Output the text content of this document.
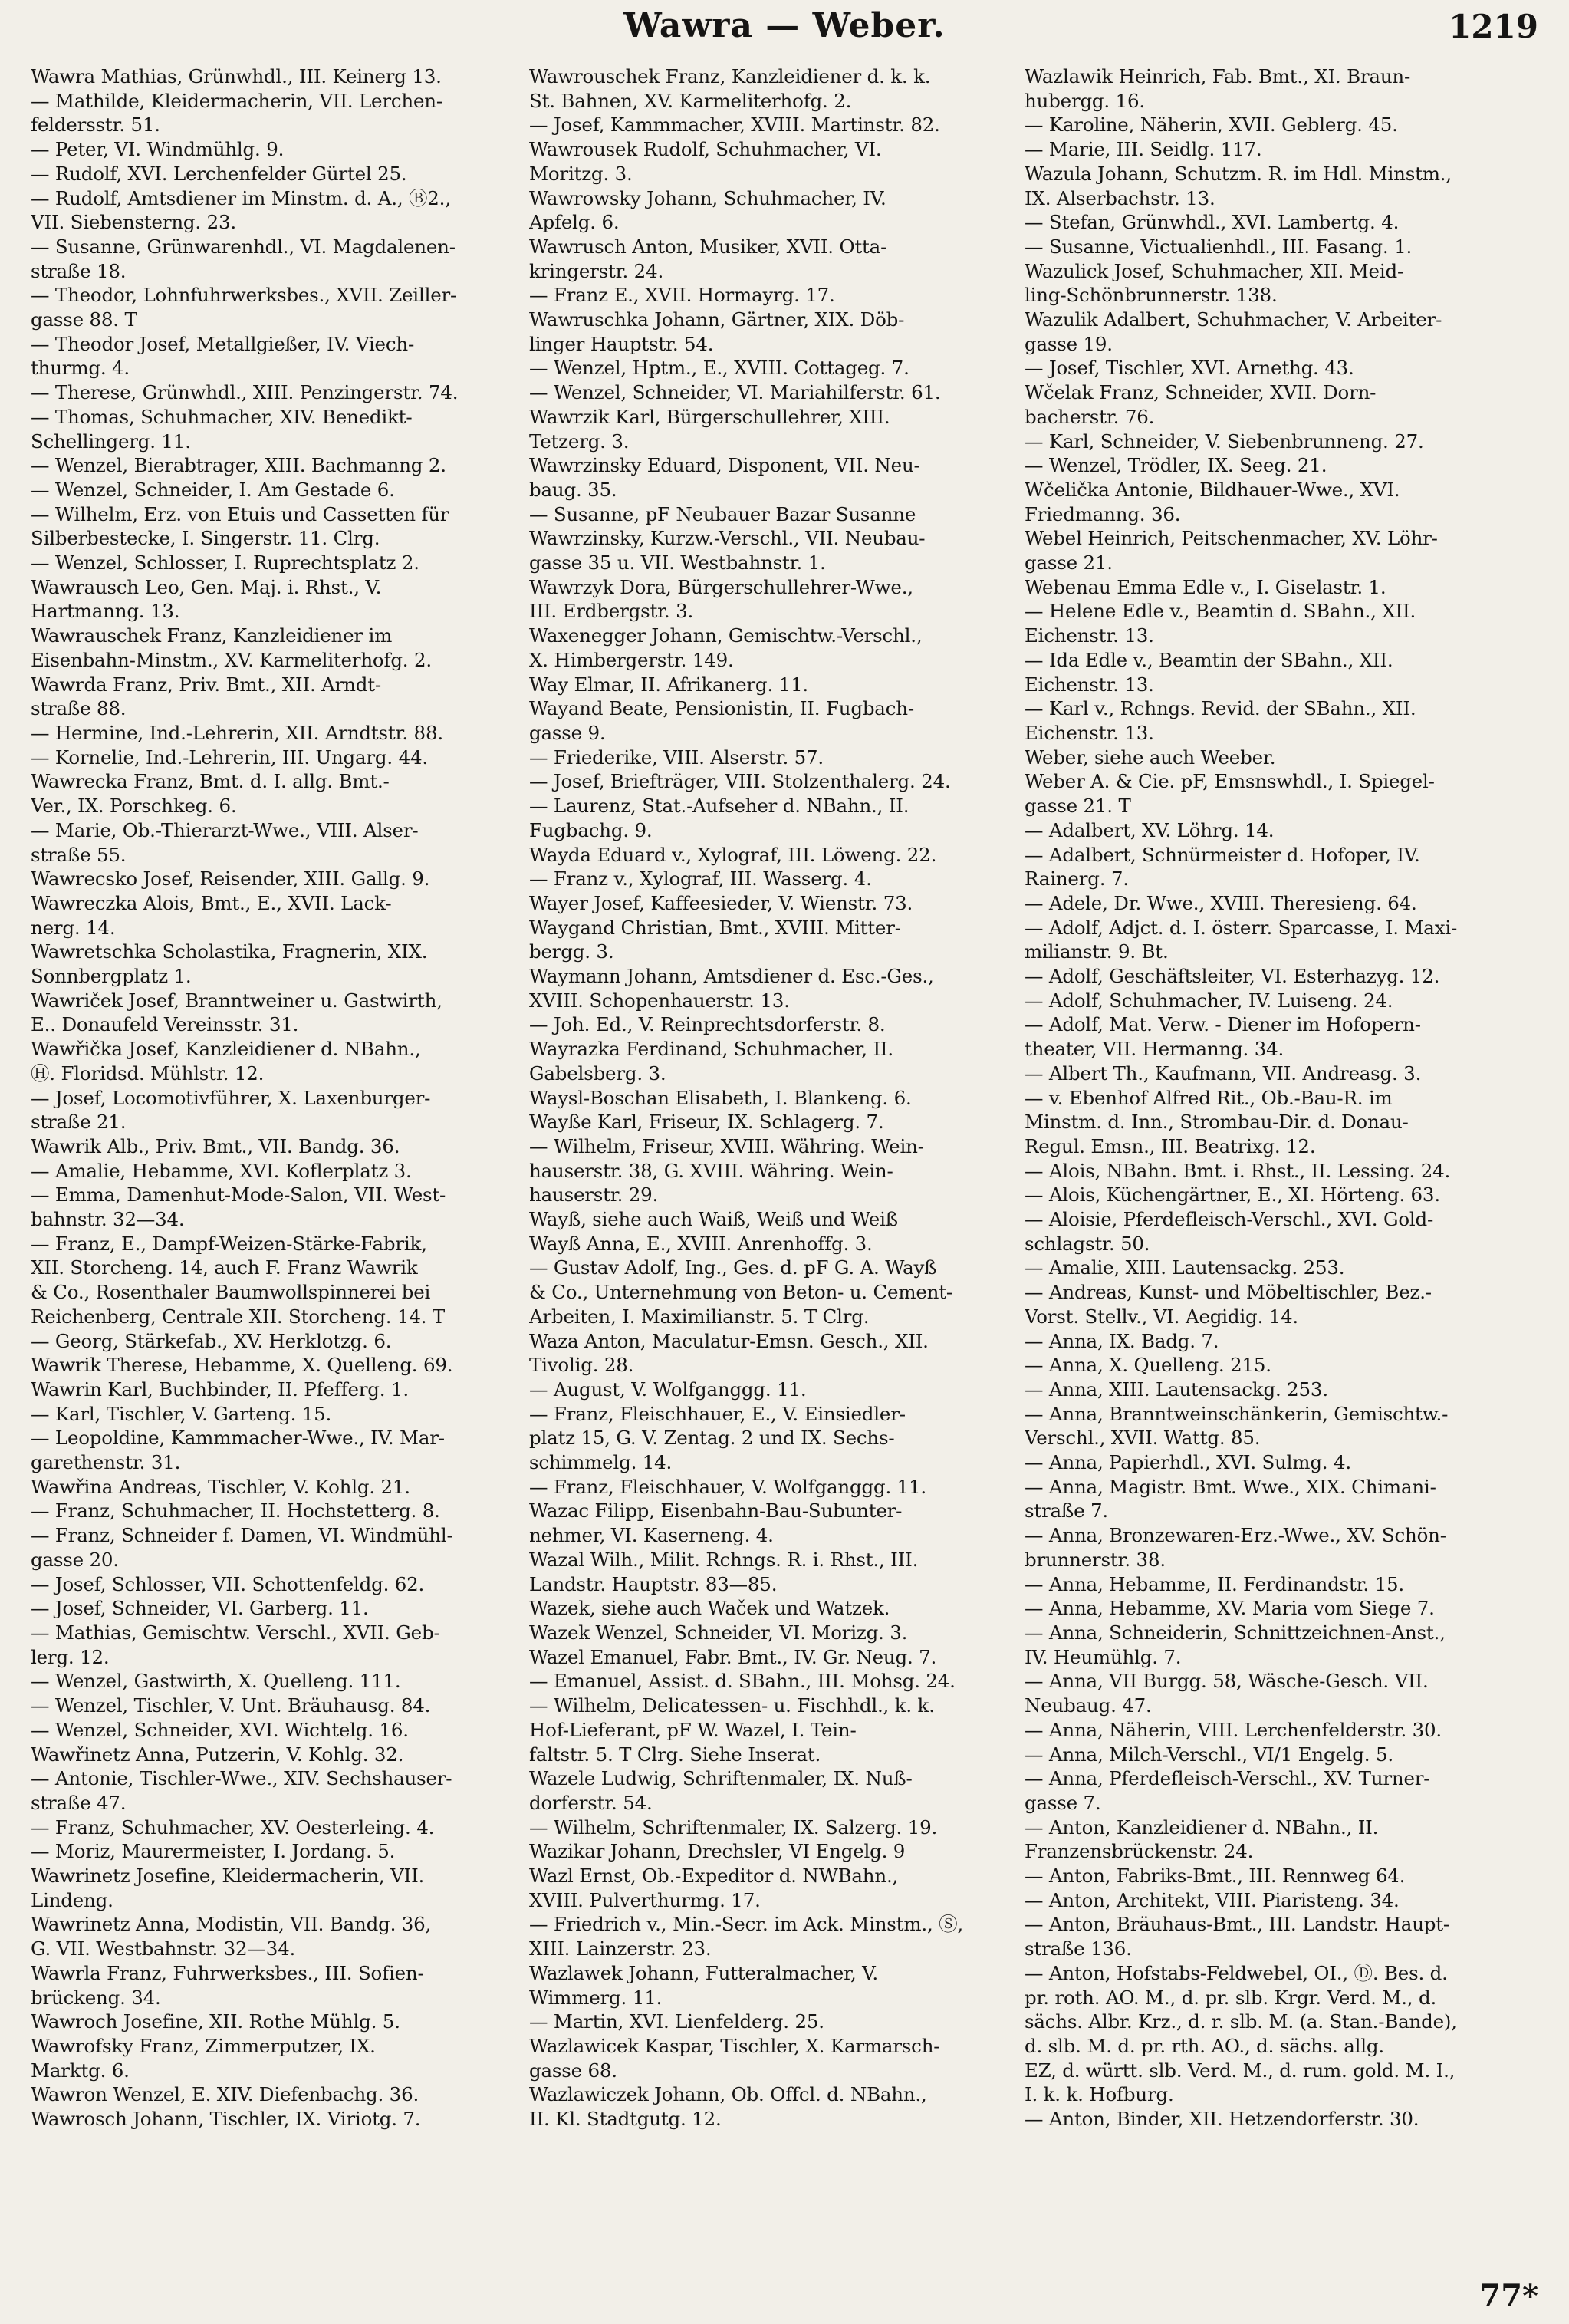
Wawra — Weber.	1219
Wawra Mathias, Grünwhdl., III. Keinerg 13.
— Mathilde, Kleidermacherin, VII. Lerchen-
feldersstr. 51.
— Peter, VI. Windmühlg. 9.
— Rudolf, XVI. Lerchenfelder Gürtel 25.
— Rudolf, Amtsdiener im Minstm. d. A., Ⓑ2.,
VII. Siebensterng. 23.
— Susanne, Grünwarenhdl., VI. Magdalenen-
straße 18.
— Theodor, Lohnfuhrwerksbes., XVII. Zeiller-
gasse 88. T
— Theodor Josef, Metallgießer, IV. Viech-
thurmg. 4.
— Therese, Grünwhdl., XIII. Penzingerstr. 74.
— Thomas, Schuhmacher, XIV. Benedikt-
Schellingerg. 11.
— Wenzel, Bierabtrager, XIII. Bachmanng 2.
— Wenzel, Schneider, I. Am Gestade 6.
— Wilhelm, Erz. von Etuis und Cassetten für
Silberbestecke, I. Singerstr. 11. Clrg.
— Wenzel, Schlosser, I. Ruprechtsplatz 2.
Wawrausch Leo, Gen. Maj. i. Rhst., V.
Hartmanng. 13.
Wawrauschek Franz, Kanzleidiener im
Eisenbahn-Minstm., XV. Karmeliterhofg. 2.
Wawrda Franz, Priv. Bmt., XII. Arndt-
straße 88.
— Hermine, Ind.-Lehrerin, XII. Arndtstr. 88.
— Kornelie, Ind.-Lehrerin, III. Ungarg. 44.
Wawrecka Franz, Bmt. d. I. allg. Bmt.-
Ver., IX. Porschkeg. 6.
— Marie, Ob.-Thierarzt-Wwe., VIII. Alser-
straße 55.
Wawrecsko Josef, Reisender, XIII. Gallg. 9.
Wawreczka Alois, Bmt., E., XVII. Lack-
nerg. 14.
Wawretschka Scholastika, Fragnerin, XIX.
Sonnbergplatz 1.
Wawriček Josef, Branntweiner u. Gastwirth,
E.. Donaufeld Vereinsstr. 31.
Wawřička Josef, Kanzleidiener d. NBahn.,
Ⓗ. Floridsd. Mühlstr. 12.
— Josef, Locomotivführer, X. Laxenburger-
straße 21.
Wawrik Alb., Priv. Bmt., VII. Bandg. 36.
— Amalie, Hebamme, XVI. Koflerplatz 3.
— Emma, Damenhut-Mode-Salon, VII. West-
bahnstr. 32—34.
— Franz, E., Dampf-Weizen-Stärke-Fabrik,
XII. Storcheng. 14, auch F. Franz Wawrik
& Co., Rosenthaler Baumwollspinnerei bei
Reichenberg, Centrale XII. Storcheng. 14. T
— Georg, Stärkefab., XV. Herklotzg. 6.
Wawrik Therese, Hebamme, X. Quelleng. 69.
Wawrin Karl, Buchbinder, II. Pfefferg. 1.
— Karl, Tischler, V. Garteng. 15.
— Leopoldine, Kammmacher-Wwe., IV. Mar-
garethenstr. 31.
Wawřina Andreas, Tischler, V. Kohlg. 21.
— Franz, Schuhmacher, II. Hochstetterg. 8.
— Franz, Schneider f. Damen, VI. Windmühl-
gasse 20.
— Josef, Schlosser, VII. Schottenfeldg. 62.
— Josef, Schneider, VI. Garberg. 11.
— Mathias, Gemischtw. Verschl., XVII. Geb-
lerg. 12.
— Wenzel, Gastwirth, X. Quelleng. 111.
— Wenzel, Tischler, V. Unt. Bräuhausg. 84.
— Wenzel, Schneider, XVI. Wichtelg. 16.
Wawřinetz Anna, Putzerin, V. Kohlg. 32.
— Antonie, Tischler-Wwe., XIV. Sechshauser-
straße 47.
— Franz, Schuhmacher, XV. Oesterleing. 4.
— Moriz, Maurermeister, I. Jordang. 5.
Wawrinetz Josefine, Kleidermacherin, VII.
Lindeng.
Wawrinetz Anna, Modistin, VII. Bandg. 36,
G. VII. Westbahnstr. 32—34.
Wawrla Franz, Fuhrwerksbes., III. Sofien-
brückeng. 34.
Wawroch Josefine, XII. Rothe Mühlg. 5.
Wawrofsky Franz, Zimmerputzer, IX.
Marktg. 6.
Wawron Wenzel, E. XIV. Diefenbachg. 36.
Wawrosch Johann, Tischler, IX. Viriotg. 7.
Wawrouschek Franz, Kanzleidiener d. k. k.
St. Bahnen, XV. Karmeliterhofg. 2.
— Josef, Kammmacher, XVIII. Martinstr. 82.
Wawrousek Rudolf, Schuhmacher, VI.
Moritzg. 3.
Wawrowsky Johann, Schuhmacher, IV.
Apfelg. 6.
Wawrusch Anton, Musiker, XVII. Otta-
kringerstr. 24.
— Franz E., XVII. Hormayrg. 17.
Wawruschka Johann, Gärtner, XIX. Döb-
linger Hauptstr. 54.
— Wenzel, Hptm., E., XVIII. Cottageg. 7.
— Wenzel, Schneider, VI. Mariahilferstr. 61.
Wawrzik Karl, Bürgerschullehrer, XIII.
Tetzerg. 3.
Wawrzinsky Eduard, Disponent, VII. Neu-
baug. 35.
— Susanne, pF Neubauer Bazar Susanne
Wawrzinsky, Kurzw.-Verschl., VII. Neubau-
gasse 35 u. VII. Westbahnstr. 1.
Wawrzyk Dora, Bürgerschullehrer-Wwe.,
III. Erdbergstr. 3.
Waxenegger Johann, Gemischtw.-Verschl.,
X. Himbergerstr. 149.
Way Elmar, II. Afrikanerg. 11.
Wayand Beate, Pensionistin, II. Fugbach-
gasse 9.
— Friederike, VIII. Alserstr. 57.
— Josef, Briefträger, VIII. Stolzenthalerg. 24.
— Laurenz, Stat.-Aufseher d. NBahn., II.
Fugbachg. 9.
Wayda Eduard v., Xylograf, III. Löweng. 22.
— Franz v., Xylograf, III. Wasserg. 4.
Wayer Josef, Kaffeesieder, V. Wienstr. 73.
Waygand Christian, Bmt., XVIII. Mitter-
bergg. 3.
Waymann Johann, Amtsdiener d. Esc.-Ges.,
XVIII. Schopenhauerstr. 13.
— Joh. Ed., V. Reinprechtsdorferstr. 8.
Wayrazka Ferdinand, Schuhmacher, II.
Gabelsberg. 3.
Waysl-Boschan Elisabeth, I. Blankeng. 6.
Wayße Karl, Friseur, IX. Schlagerg. 7.
— Wilhelm, Friseur, XVIII. Währing. Wein-
hauserstr. 38, G. XVIII. Währing. Wein-
hauserstr. 29.
Wayß, siehe auch Waiß, Weiß und Weiß
Wayß Anna, E., XVIII. Anrenhoffg. 3.
— Gustav Adolf, Ing., Ges. d. pF G. A. Wayß
& Co., Unternehmung von Beton- u. Cement-
Arbeiten, I. Maximilianstr. 5. T Clrg.
Waza Anton, Maculatur-Emsn. Gesch., XII.
Tivolig. 28.
— August, V. Wolfganggg. 11.
— Franz, Fleischhauer, E., V. Einsiedler-
platz 15, G. V. Zentag. 2 und IX. Sechs-
schimmelg. 14.
— Franz, Fleischhauer, V. Wolfganggg. 11.
Wazac Filipp, Eisenbahn-Bau-Subunter-
nehmer, VI. Kaserneng. 4.
Wazal Wilh., Milit. Rchngs. R. i. Rhst., III.
Landstr. Hauptstr. 83—85.
Wazek, siehe auch Waček und Watzek.
Wazek Wenzel, Schneider, VI. Morizg. 3.
Wazel Emanuel, Fabr. Bmt., IV. Gr. Neug. 7.
— Emanuel, Assist. d. SBahn., III. Mohsg. 24.
— Wilhelm, Delicatessen- u. Fischhdl., k. k.
Hof-Lieferant, pF W. Wazel, I. Tein-
faltstr. 5. T Clrg. Siehe Inserat.
Wazele Ludwig, Schriftenmaler, IX. Nuß-
dorferstr. 54.
— Wilhelm, Schriftenmaler, IX. Salzerg. 19.
Wazikar Johann, Drechsler, VI Engelg. 9
Wazl Ernst, Ob.-Expeditor d. NWBahn.,
XVIII. Pulverthurmg. 17.
— Friedrich v., Min.-Secr. im Ack. Minstm., Ⓢ,
XIII. Lainzerstr. 23.
Wazlawek Johann, Futteralmacher, V.
Wimmerg. 11.
— Martin, XVI. Lienfelderg. 25.
Wazlawicek Kaspar, Tischler, X. Karmarsch-
gasse 68.
Wazlawiczek Johann, Ob. Offcl. d. NBahn.,
II. Kl. Stadtgutg. 12.
Wazlawik Heinrich, Fab. Bmt., XI. Braun-
hubergg. 16.
— Karoline, Näherin, XVII. Geblerg. 45.
— Marie, III. Seidlg. 117.
Wazula Johann, Schutzm. R. im Hdl. Minstm.,
IX. Alserbachstr. 13.
— Stefan, Grünwhdl., XVI. Lambertg. 4.
— Susanne, Victualienhdl., III. Fasang. 1.
Wazulick Josef, Schuhmacher, XII. Meid-
ling-Schönbrunnerstr. 138.
Wazulik Adalbert, Schuhmacher, V. Arbeiter-
gasse 19.
— Josef, Tischler, XVI. Arnethg. 43.
Wčelak Franz, Schneider, XVII. Dorn-
bacherstr. 76.
— Karl, Schneider, V. Siebenbrunneng. 27.
— Wenzel, Trödler, IX. Seeg. 21.
Wčelička Antonie, Bildhauer-Wwe., XVI.
Friedmanng. 36.
Webel Heinrich, Peitschenmacher, XV. Löhr-
gasse 21.
Webenau Emma Edle v., I. Giselastr. 1.
— Helene Edle v., Beamtin d. SBahn., XII.
Eichenstr. 13.
— Ida Edle v., Beamtin der SBahn., XII.
Eichenstr. 13.
— Karl v., Rchngs. Revid. der SBahn., XII.
Eichenstr. 13.
Weber, siehe auch Weeber.
Weber A. & Cie. pF, Emsnswhdl., I. Spiegel-
gasse 21. T
— Adalbert, XV. Löhrg. 14.
— Adalbert, Schnürmeister d. Hofoper, IV.
Rainerg. 7.
— Adele, Dr. Wwe., XVIII. Theresieng. 64.
— Adolf, Adjct. d. I. österr. Sparcasse, I. Maxi-
milianstr. 9. Bt.
— Adolf, Geschäftsleiter, VI. Esterhazyg. 12.
— Adolf, Schuhmacher, IV. Luiseng. 24.
— Adolf, Mat. Verw. - Diener im Hofopern-
theater, VII. Hermanng. 34.
— Albert Th., Kaufmann, VII. Andreasg. 3.
— v. Ebenhof Alfred Rit., Ob.-Bau-R. im
Minstm. d. Inn., Strombau-Dir. d. Donau-
Regul. Emsn., III. Beatrixg. 12.
— Alois, NBahn. Bmt. i. Rhst., II. Lessing. 24.
— Alois, Küchengärtner, E., XI. Hörteng. 63.
— Aloisie, Pferdefleisch-Verschl., XVI. Gold-
schlagstr. 50.
— Amalie, XIII. Lautensackg. 253.
— Andreas, Kunst- und Möbeltischler, Bez.-
Vorst. Stellv., VI. Aegidig. 14.
— Anna, IX. Badg. 7.
— Anna, X. Quelleng. 215.
— Anna, XIII. Lautensackg. 253.
— Anna, Branntweinschänkerin, Gemischtw.-
Verschl., XVII. Wattg. 85.
— Anna, Papierhdl., XVI. Sulmg. 4.
— Anna, Magistr. Bmt. Wwe., XIX. Chimani-
straße 7.
— Anna, Bronzewaren-Erz.-Wwe., XV. Schön-
brunnerstr. 38.
— Anna, Hebamme, II. Ferdinandstr. 15.
— Anna, Hebamme, XV. Maria vom Siege 7.
— Anna, Schneiderin, Schnittzeichnen-Anst.,
IV. Heumühlg. 7.
— Anna, VII Burgg. 58, Wäsche-Gesch. VII.
Neubaug. 47.
— Anna, Näherin, VIII. Lerchenfelderstr. 30.
— Anna, Milch-Verschl., VI/1 Engelg. 5.
— Anna, Pferdefleisch-Verschl., XV. Turner-
gasse 7.
— Anton, Kanzleidiener d. NBahn., II.
Franzensbrückenstr. 24.
— Anton, Fabriks-Bmt., III. Rennweg 64.
— Anton, Architekt, VIII. Piaristeng. 34.
— Anton, Bräuhaus-Bmt., III. Landstr. Haupt-
straße 136.
— Anton, Hofstabs-Feldwebel, OI., Ⓓ. Bes. d.
pr. roth. AO. M., d. pr. slb. Krgr. Verd. M., d.
sächs. Albr. Krz., d. r. slb. M. (a. Stan.-Bande),
d. slb. M. d. pr. rth. AO., d. sächs. allg.
EZ, d. württ. slb. Verd. M., d. rum. gold. M. I.,
I. k. k. Hofburg.
— Anton, Binder, XII. Hetzendorferstr. 30.
77*
